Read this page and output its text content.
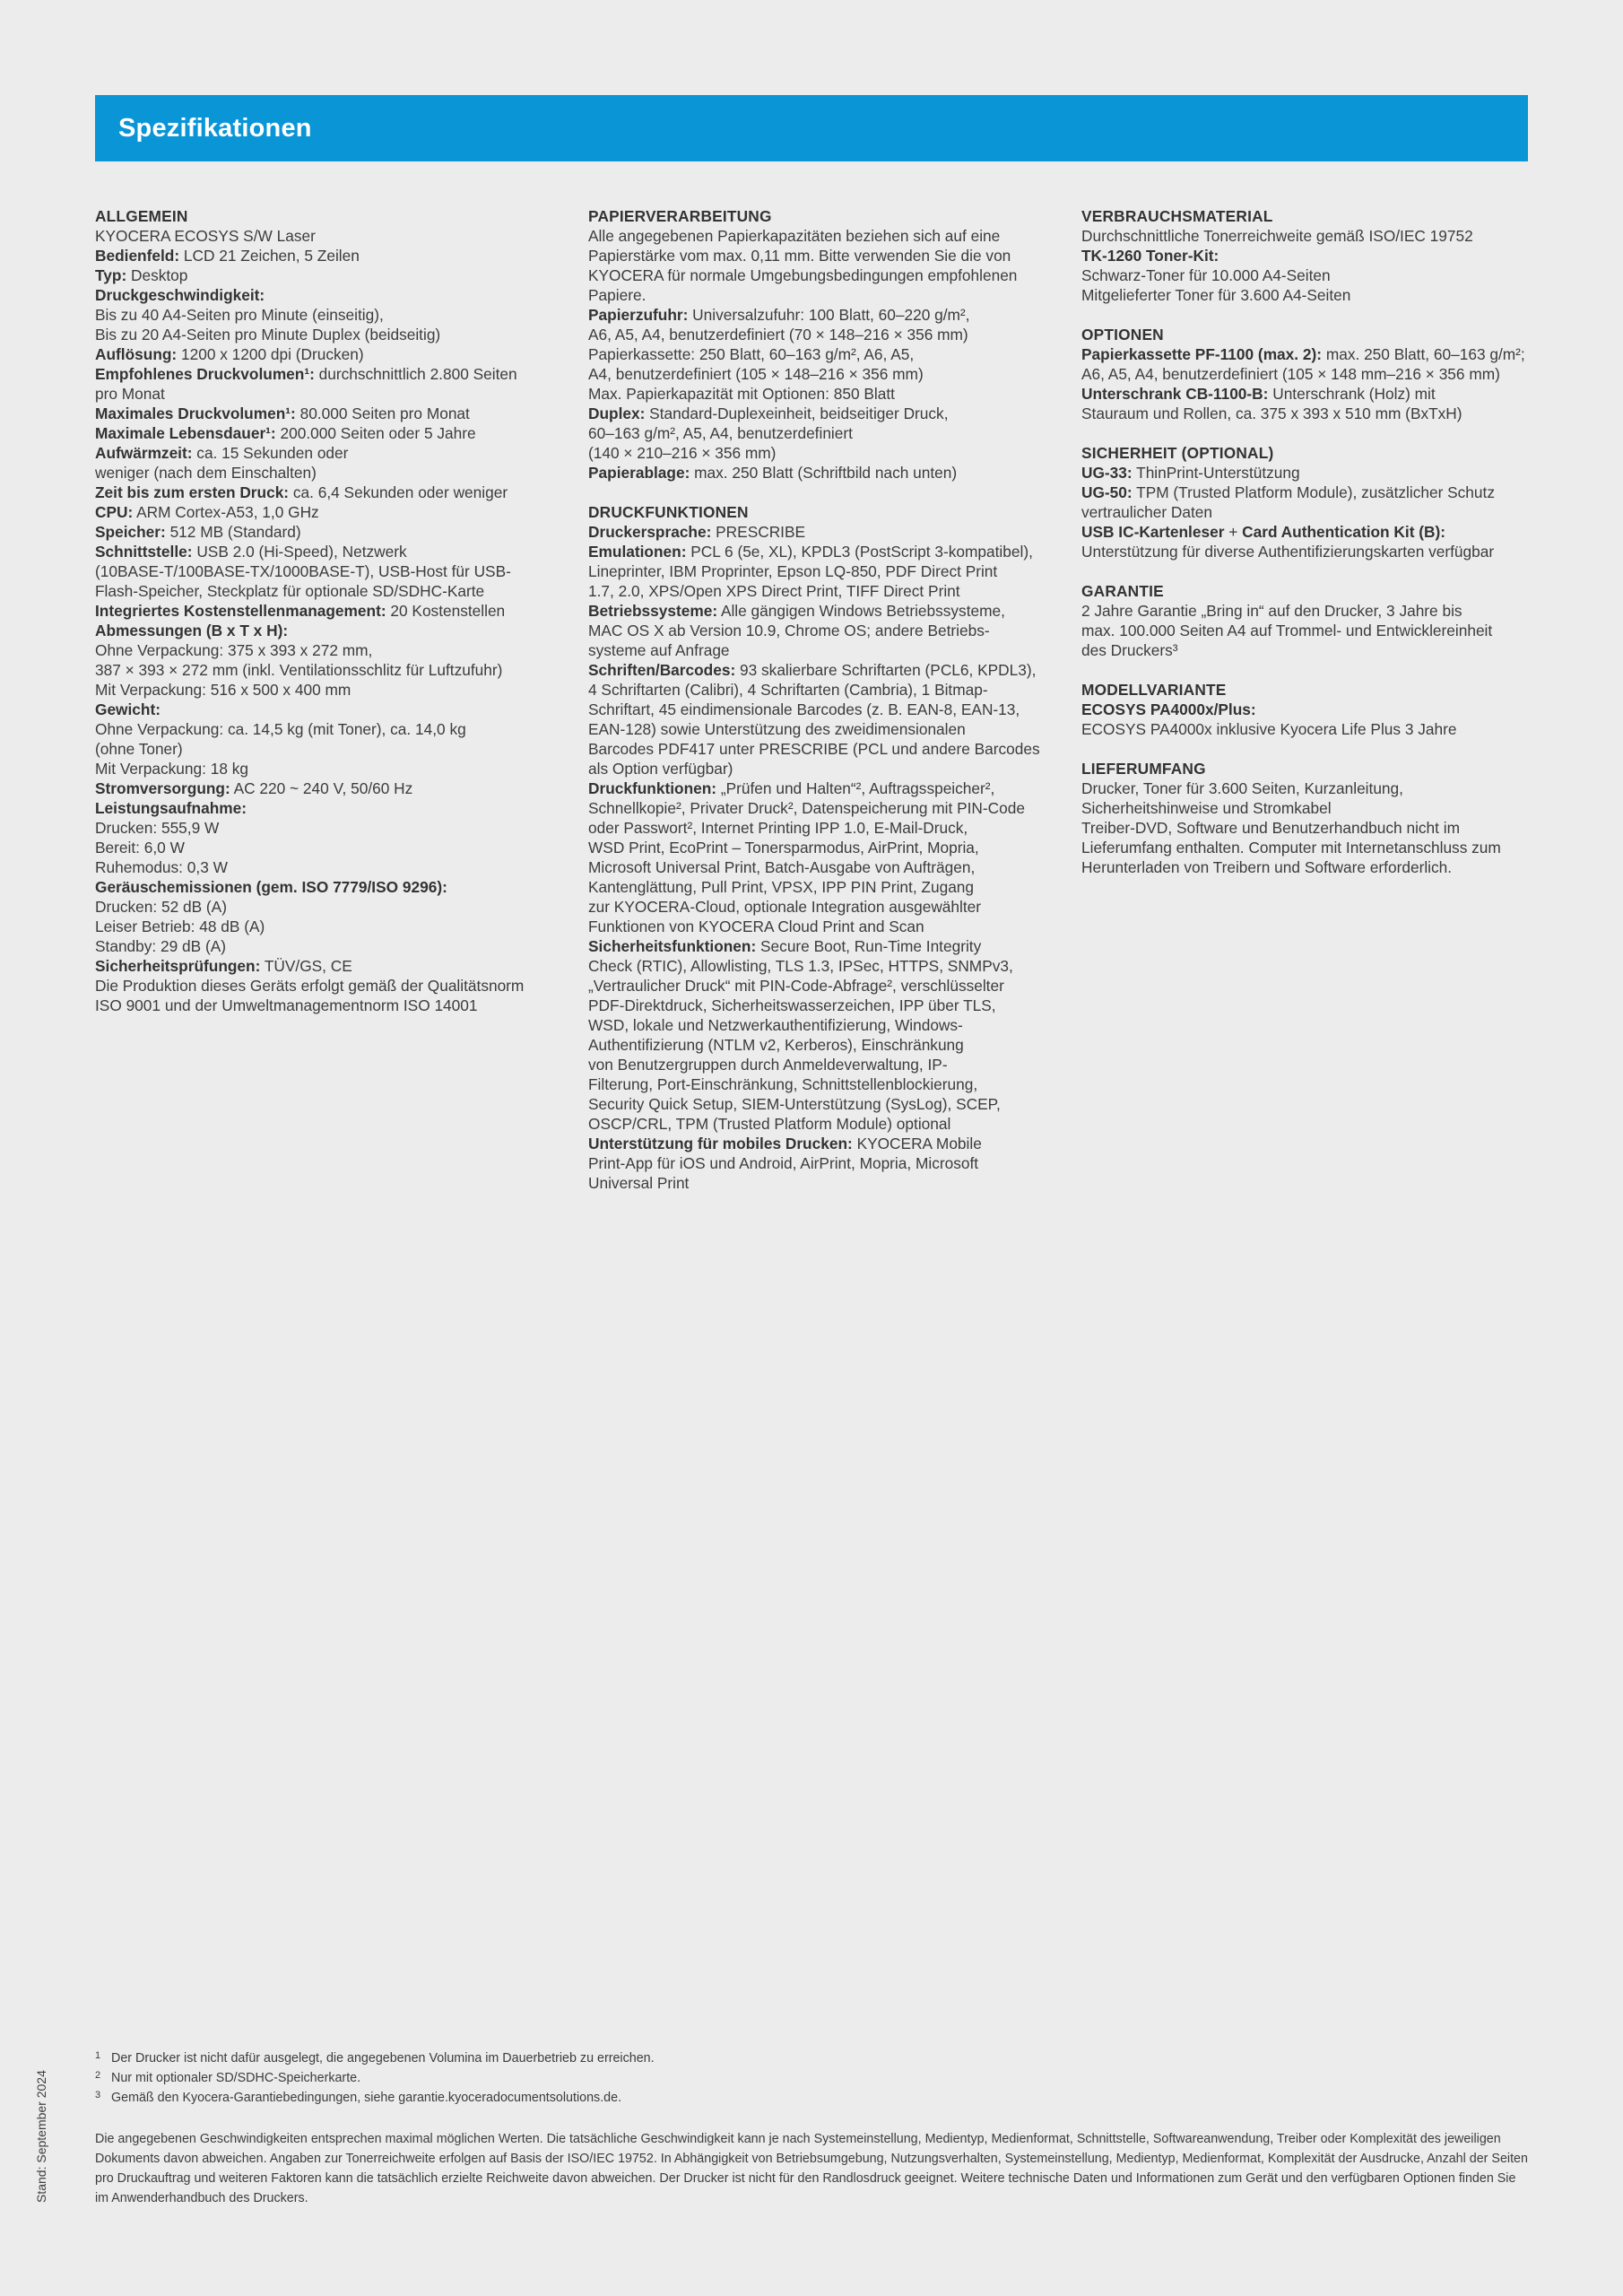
Spezifikationen
ALLGEMEIN
KYOCERA ECOSYS S/W Laser
Bedienfeld: LCD 21 Zeichen, 5 Zeilen
Typ: Desktop
Druckgeschwindigkeit:
Bis zu 40 A4-Seiten pro Minute (einseitig),
Bis zu 20 A4-Seiten pro Minute Duplex (beidseitig)
Auflösung: 1200 x 1200 dpi (Drucken)
Empfohlenes Druckvolumen¹: durchschnittlich 2.800 Seiten
pro Monat
Maximales Druckvolumen¹: 80.000 Seiten pro Monat
Maximale Lebensdauer¹: 200.000 Seiten oder 5 Jahre
Aufwärmzeit: ca. 15 Sekunden oder
weniger (nach dem Einschalten)
Zeit bis zum ersten Druck: ca. 6,4 Sekunden oder weniger
CPU: ARM Cortex-A53, 1,0 GHz
Speicher: 512 MB (Standard)
Schnittstelle: USB 2.0 (Hi-Speed), Netzwerk
(10BASE-T/100BASE-TX/1000BASE-T), USB-Host für USB-
Flash-Speicher, Steckplatz für optionale SD/SDHC-Karte
Integriertes Kostenstellenmanagement: 20 Kostenstellen
Abmessungen (B x T x H):
Ohne Verpackung: 375 x 393 x 272 mm,
387 × 393 × 272 mm (inkl. Ventilationsschlitz für Luftzufuhr)
Mit Verpackung: 516 x 500 x 400 mm
Gewicht:
Ohne Verpackung: ca. 14,5 kg (mit Toner), ca. 14,0 kg
(ohne Toner)
Mit Verpackung: 18 kg
Stromversorgung: AC 220 ~ 240 V, 50/60 Hz
Leistungsaufnahme:
Drucken: 555,9 W
Bereit: 6,0 W
Ruhemodus: 0,3 W
Geräuschemissionen (gem. ISO 7779/ISO 9296):
Drucken: 52 dB (A)
Leiser Betrieb: 48 dB (A)
Standby: 29 dB (A)
Sicherheitsprüfungen: TÜV/GS, CE
Die Produktion dieses Geräts erfolgt gemäß der Qualitätsnorm
ISO 9001 und der Umweltmanagementnorm ISO 14001
PAPIERVERARBEITUNG
Alle angegebenen Papierkapazitäten beziehen sich auf eine
Papierstärke vom max. 0,11 mm. Bitte verwenden Sie die von
KYOCERA für normale Umgebungsbedingungen empfohlenen
Papiere.
Papierzufuhr: Universalzufuhr: 100 Blatt, 60–220 g/m²,
A6, A5, A4, benutzerdefiniert (70 × 148–216 × 356 mm)
Papierkassette: 250 Blatt, 60–163 g/m², A6, A5,
A4, benutzerdefiniert (105 × 148–216 × 356 mm)
Max. Papierkapazität mit Optionen: 850 Blatt
Duplex: Standard-Duplexeinheit, beidseitiger Druck,
60–163 g/m², A5, A4, benutzerdefiniert
(140 × 210–216 × 356 mm)
Papierablage: max. 250 Blatt (Schriftbild nach unten)
DRUCKFUNKTIONEN
Druckersprache: PRESCRIBE
Emulationen: PCL 6 (5e, XL), KPDL3 (PostScript 3-kompatibel),
Lineprinter, IBM Proprinter, Epson LQ-850, PDF Direct Print
1.7, 2.0, XPS/Open XPS Direct Print, TIFF Direct Print
Betriebssysteme: Alle gängigen Windows Betriebssysteme,
MAC OS X ab Version 10.9, Chrome OS; andere Betriebs-
systeme auf Anfrage
Schriften/Barcodes: 93 skalierbare Schriftarten (PCL6, KPDL3),
4 Schriftarten (Calibri), 4 Schriftarten (Cambria), 1 Bitmap-
Schriftart, 45 eindimensionale Barcodes (z. B. EAN-8, EAN-13,
EAN-128) sowie Unterstützung des zweidimensionalen
Barcodes PDF417 unter PRESCRIBE (PCL und andere Barcodes
als Option verfügbar)
Druckfunktionen: „Prüfen und Halten“², Auftragsspeicher²,
Schnellkopie², Privater Druck², Datenspeicherung mit PIN-Code
oder Passwort², Internet Printing IPP 1.0, E-Mail-Druck,
WSD Print, EcoPrint – Tonersparmodus, AirPrint, Mopria,
Microsoft Universal Print, Batch-Ausgabe von Aufträgen,
Kantenglättung, Pull Print, VPSX, IPP PIN Print, Zugang
zur KYOCERA-Cloud, optionale Integration ausgewählter
Funktionen von KYOCERA Cloud Print and Scan
Sicherheitsfunktionen: Secure Boot, Run-Time Integrity
Check (RTIC), Allowlisting, TLS 1.3, IPSec, HTTPS, SNMPv3,
„Vertraulicher Druck“ mit PIN-Code-Abfrage², verschlüsselter
PDF-Direktdruck, Sicherheitswasserzeichen, IPP über TLS,
WSD, lokale und Netzwerkauthentifizierung, Windows-
Authentifizierung (NTLM v2, Kerberos), Einschränkung
von Benutzergruppen durch Anmeldeverwaltung, IP-
Filterung, Port-Einschränkung, Schnittstellenblockierung,
Security Quick Setup, SIEM-Unterstützung (SysLog), SCEP,
OSCP/CRL, TPM (Trusted Platform Module) optional
Unterstützung für mobiles Drucken: KYOCERA Mobile
Print-App für iOS und Android, AirPrint, Mopria, Microsoft
Universal Print
VERBRAUCHSMATERIAL
Durchschnittliche Tonerreichweite gemäß ISO/IEC 19752
TK-1260 Toner-Kit:
Schwarz-Toner für 10.000 A4-Seiten
Mitgelieferter Toner für 3.600 A4-Seiten
OPTIONEN
Papierkassette PF-1100 (max. 2): max. 250 Blatt, 60–163 g/m²;
A6, A5, A4, benutzerdefiniert (105 × 148 mm–216 × 356 mm)
Unterschrank CB-1100-B: Unterschrank (Holz) mit
Stauraum und Rollen, ca. 375 x 393 x 510 mm (BxTxH)
SICHERHEIT (OPTIONAL)
UG-33: ThinPrint-Unterstützung
UG-50: TPM (Trusted Platform Module), zusätzlicher Schutz
vertraulicher Daten
USB IC-Kartenleser + Card Authentication Kit (B):
Unterstützung für diverse Authentifizierungskarten verfügbar
GARANTIE
2 Jahre Garantie „Bring in“ auf den Drucker, 3 Jahre bis
max. 100.000 Seiten A4 auf Trommel- und Entwicklereinheit
des Druckers³
MODELLVARIANTE
ECOSYS PA4000x/Plus:
ECOSYS PA4000x inklusive Kyocera Life Plus 3 Jahre
LIEFERUMFANG
Drucker, Toner für 3.600 Seiten, Kurzanleitung,
Sicherheitshinweise und Stromkabel
Treiber-DVD, Software und Benutzerhandbuch nicht im
Lieferumfang enthalten. Computer mit Internetanschluss zum
Herunterladen von Treibern und Software erforderlich.
1 Der Drucker ist nicht dafür ausgelegt, die angegebenen Volumina im Dauerbetrieb zu erreichen.
2 Nur mit optionaler SD/SDHC-Speicherkarte.
3 Gemäß den Kyocera-Garantiebedingungen, siehe garantie.kyoceradocumentsolutions.de.
Die angegebenen Geschwindigkeiten entsprechen maximal möglichen Werten. Die tatsächliche Geschwindigkeit kann je nach Systemeinstellung, Medientyp, Medienformat, Schnittstelle, Softwareanwendung, Treiber oder Komplexität des jeweiligen Dokuments davon abweichen. Angaben zur Tonerreichweite erfolgen auf Basis der ISO/IEC 19752. In Abhängigkeit von Betriebsumgebung, Nutzungsverhalten, Systemeinstellung, Medientyp, Medienformat, Komplexität der Ausdrucke, Anzahl der Seiten pro Druckauftrag und weiteren Faktoren kann die tatsächlich erzielte Reichweite davon abweichen. Der Drucker ist nicht für den Randlosdruck geeignet. Weitere technische Daten und Informationen zum Gerät und den verfügbaren Optionen finden Sie im Anwenderhandbuch des Druckers.
Stand: September 2024
